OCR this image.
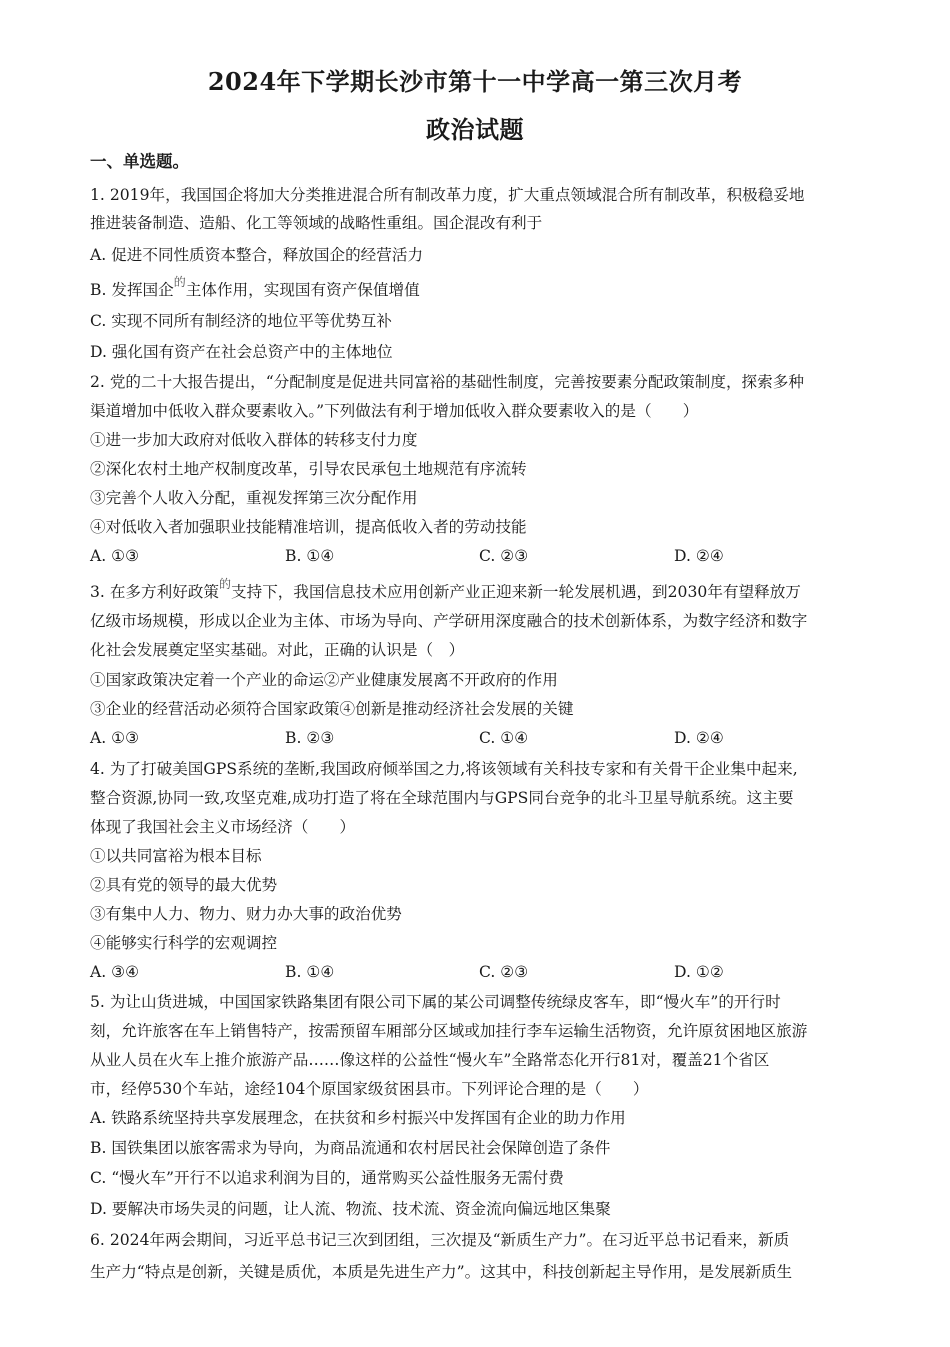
2024年下学期长沙市第十一中学高一第三次月考
政治试题
一、单选题。
1. 2019年，我国国企将加大分类推进混合所有制改革力度，扩大重点领域混合所有制改革，积极稳妥地
推进装备制造、造船、化工等领域的战略性重组。国企混改有利于
A. 促进不同性质资本整合，释放国企的经营活力
B. 发挥国企$^的$主体作用，实现国有资产保值增值
C. 实现不同所有制经济的地位平等优势互补
D. 强化国有资产在社会总资产中的主体地位
2. 党的二十大报告提出，“分配制度是促进共同富裕的基础性制度，完善按要素分配政策制度，探索多种
渠道增加中低收入群众要素收入。”下列做法有利于增加低收入群众要素收入的是（　　）
①进一步加大政府对低收入群体的转移支付力度
②深化农村土地产权制度改革，引导农民承包土地规范有序流转
③完善个人收入分配，重视发挥第三次分配作用
④对低收入者加强职业技能精准培训，提高低收入者的劳动技能
A. ①③	B. ①④	C. ②③	D. ②④
3. 在多方利好政策$^的$支持下，我国信息技术应用创新产业正迎来新一轮发展机遇，到2030年有望释放万
亿级市场规模，形成以企业为主体、市场为导向、产学研用深度融合的技术创新体系，为数字经济和数字
化社会发展奠定坚实基础。对此，正确的认识是（　）
①国家政策决定着一个产业的命运②产业健康发展离不开政府的作用
③企业的经营活动必须符合国家政策④创新是推动经济社会发展的关键
A. ①③	B. ②③	C. ①④	D. ②④
4. 为了打破美国GPS系统的垄断,我国政府倾举国之力,将该领域有关科技专家和有关骨干企业集中起来,
整合资源,协同一致,攻坚克难,成功打造了将在全球范围内与GPS同台竞争的北斗卫星导航系统。这主要
体现了我国社会主义市场经济（　　）
①以共同富裕为根本目标
②具有党的领导的最大优势
③有集中人力、物力、财力办大事的政治优势
④能够实行科学的宏观调控
A. ③④	B. ①④	C. ②③	D. ①②
5. 为让山货进城，中国国家铁路集团有限公司下属的某公司调整传统绿皮客车，即“慢火车”的开行时
刻，允许旅客在车上销售特产，按需预留车厢部分区域或加挂行李车运输生活物资，允许原贫困地区旅游
从业人员在火车上推介旅游产品……像这样的公益性“慢火车”全路常态化开行81对，覆盖21个省区
市，经停530个车站，途经104个原国家级贫困县市。下列评论合理的是（　　）
A. 铁路系统坚持共享发展理念，在扶贫和乡村振兴中发挥国有企业的助力作用
B. 国铁集团以旅客需求为导向，为商品流通和农村居民社会保障创造了条件
C. “慢火车”开行不以追求利润为目的，通常购买公益性服务无需付费
D. 要解决市场失灵的问题，让人流、物流、技术流、资金流向偏远地区集聚
6. 2024年两会期间，习近平总书记三次到团组，三次提及“新质生产力”。在习近平总书记看来，新质
生产力“特点是创新，关键是质优，本质是先进生产力”。这其中，科技创新起主导作用，是发展新质生
